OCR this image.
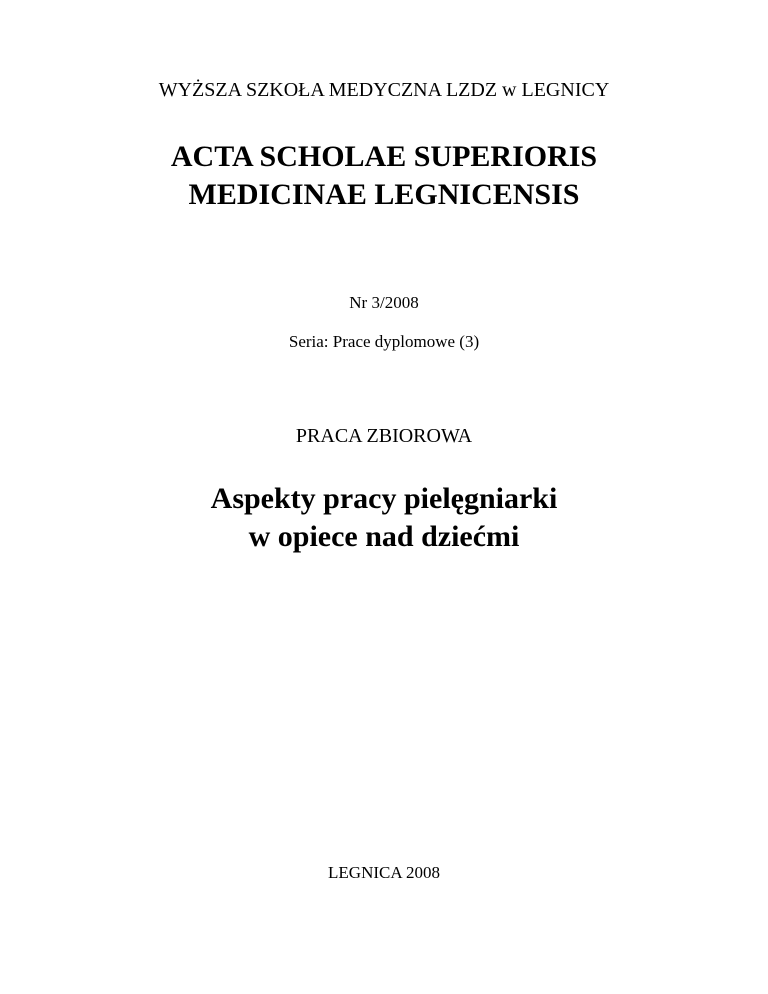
WYŻSZA SZKOŁA MEDYCZNA LZDZ w LEGNICY
ACTA SCHOLAE SUPERIORIS
MEDICINAE LEGNICENSIS
Nr 3/2008
Seria: Prace dyplomowe (3)
PRACA ZBIOROWA
Aspekty pracy pielęgniarki
w opiece nad dziećmi
LEGNICA 2008
